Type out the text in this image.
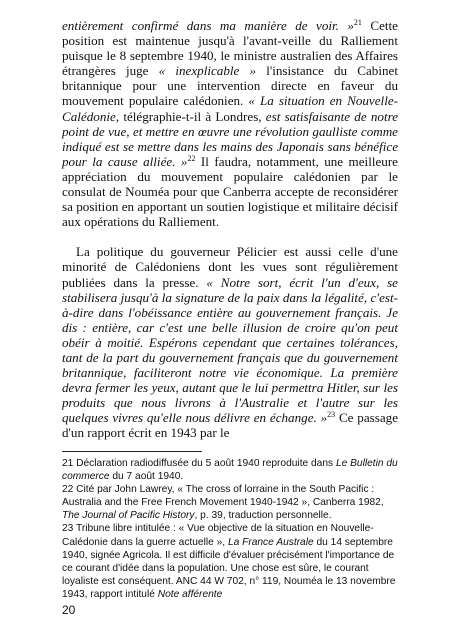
entièrement confirmé dans ma manière de voir. »$^{21}$ Cette position est maintenue jusqu'à l'avant-veille du Ralliement puisque le 8 septembre 1940, le ministre australien des Affaires étrangères juge « inexplicable » l'insistance du Cabinet britannique pour une intervention directe en faveur du mouvement populaire calédonien. « La situation en Nouvelle-Calédonie, télégraphie-t-il à Londres, est satisfaisante de notre point de vue, et mettre en œuvre une révolution gaulliste comme indiqué est se mettre dans les mains des Japonais sans bénéfice pour la cause alliée. »$^{22}$ Il faudra, notamment, une meilleure appréciation du mouvement populaire calédonien par le consulat de Nouméa pour que Canberra accepte de reconsidérer sa position en apportant un soutien logistique et militaire décisif aux opérations du Ralliement.

La politique du gouverneur Pélicier est aussi celle d'une minorité de Calédoniens dont les vues sont régulièrement publiées dans la presse. « Notre sort, écrit l'un d'eux, se stabilisera jusqu'à la signature de la paix dans la légalité, c'est-à-dire dans l'obéissance entière au gouvernement français. Je dis : entière, car c'est une belle illusion de croire qu'on peut obéir à moitié. Espérons cependant que certaines tolérances, tant de la part du gouvernement français que du gouvernement britannique, faciliteront notre vie économique. La première devra fermer les yeux, autant que le lui permettra Hitler, sur les produits que nous livrons à l'Australie et l'autre sur les quelques vivres qu'elle nous délivre en échange. »$^{23}$ Ce passage d'un rapport écrit en 1943 par le

21 Déclaration radiodiffusée du 5 août 1940 reproduite dans Le Bulletin du commerce du 7 août 1940.

22 Cité par John Lawrey, « The cross of lorraine in the South Pacific : Australia and the Free French Movement 1940-1942 », Canberra 1982, The Journal of Pacific History, p. 39, traduction personnelle.

23 Tribune libre intitulée : « Vue objective de la situation en Nouvelle-Calédonie dans la guerre actuelle », La France Australe du 14 septembre 1940, signée Agricola. Il est difficile d'évaluer précisément l'importance de ce courant d'idée dans la population. Une chose est sûre, le courant loyaliste est conséquent. ANC 44 W 702, n° 119, Nouméa le 13 novembre 1943, rapport intitulé Note afférente

20
